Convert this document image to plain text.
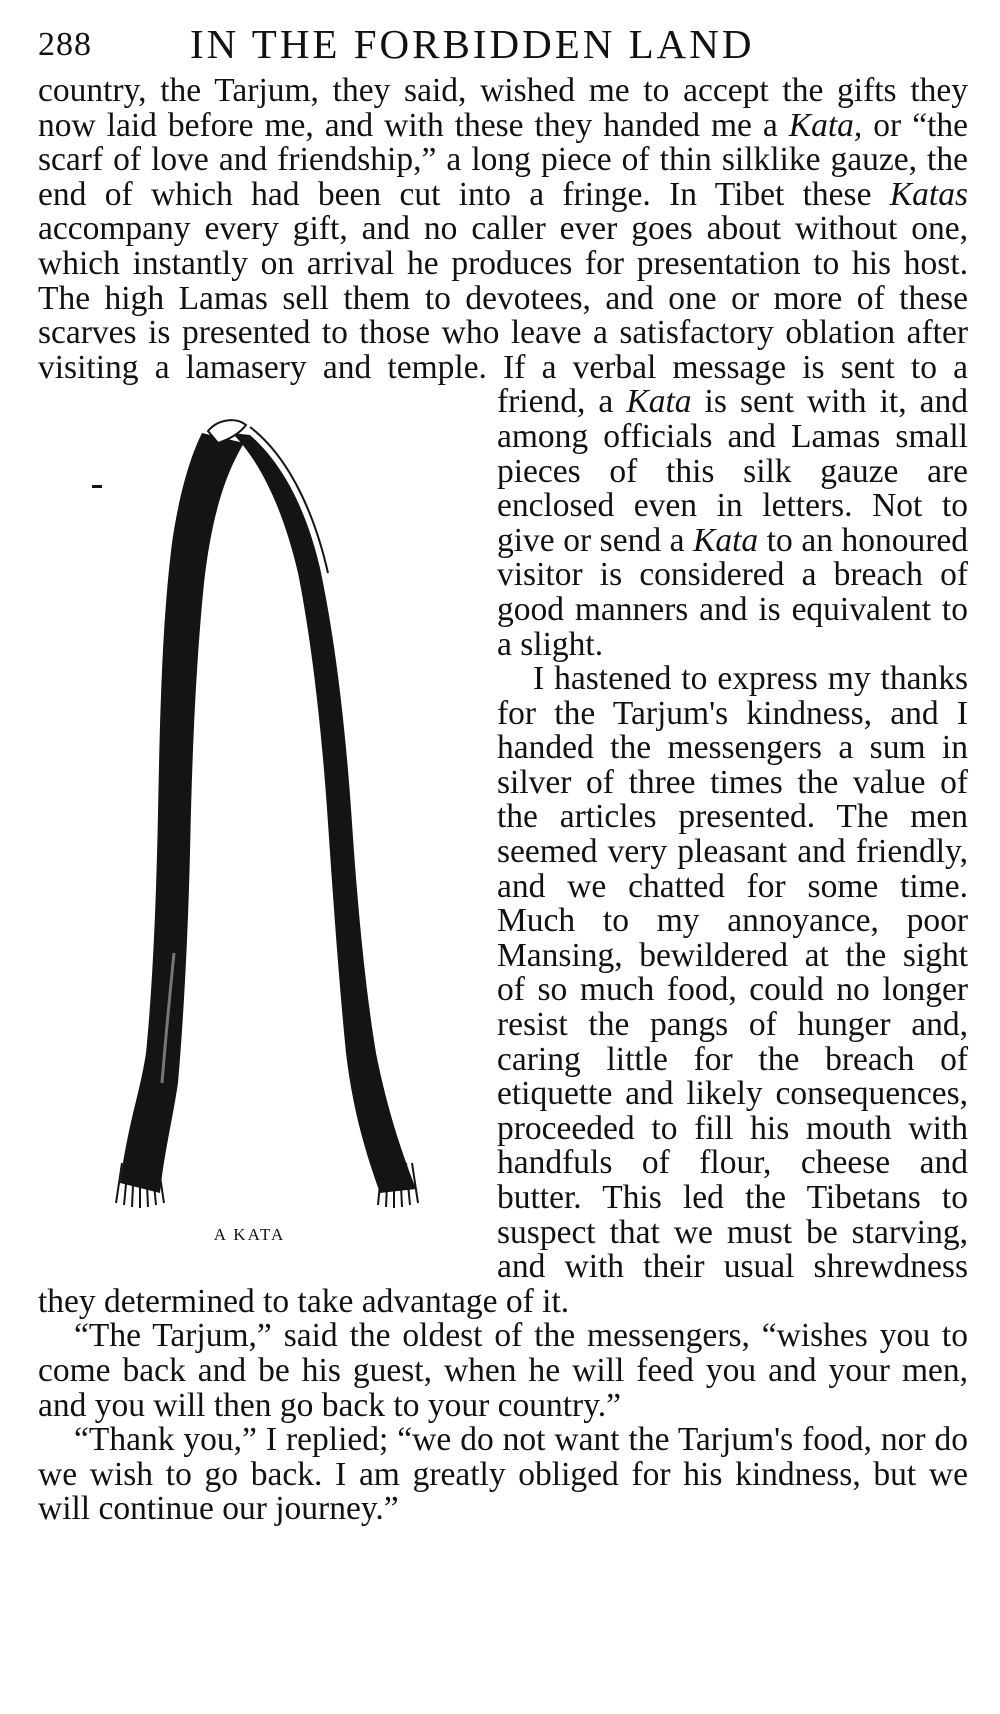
288 IN THE FORBIDDEN LAND

country, the Tarjum, they said, wished me to accept the gifts they now laid before me, and with these they handed me a Kata, or “the scarf of love and friendship,” a long piece of thin silklike gauze, the end of which had been cut into a fringe. In Tibet these Katas accompany every gift, and no caller ever goes about without one, which instantly on arrival he produces for presentation to his host. The high Lamas sell them to devotees, and one or more of these scarves is presented to those who leave a satisfactory oblation after visiting a lamasery and temple. If a verbal message is sent to a friend, a
A KATA
Kata is sent with it, and among officials and Lamas small pieces of this silk gauze are enclosed even in letters. Not to give or send a Kata to an honoured visitor is considered a breach of good manners and is equivalent to a slight.

I hastened to express my thanks for the Tarjum's kindness, and I handed the messengers a sum in silver of three times the value of the articles presented. The men seemed very pleasant and friendly, and we chatted for some time. Much to my annoyance, poor Mansing, bewildered at the sight of so much food, could no longer resist the pangs of hunger and, caring little for the breach of etiquette and likely consequences, proceeded to fill his mouth with handfuls of flour, cheese and butter. This led the Tibetans to suspect that we must be starving, and with their usual shrewdness they determined to take advantage of it.

“The Tarjum,” said the oldest of the messengers, “wishes you to come back and be his guest, when he will feed you and your men, and you will then go back to your country.”

“Thank you,” I replied; “we do not want the Tarjum's food, nor do we wish to go back. I am greatly obliged for his kindness, but we will continue our journey.”
